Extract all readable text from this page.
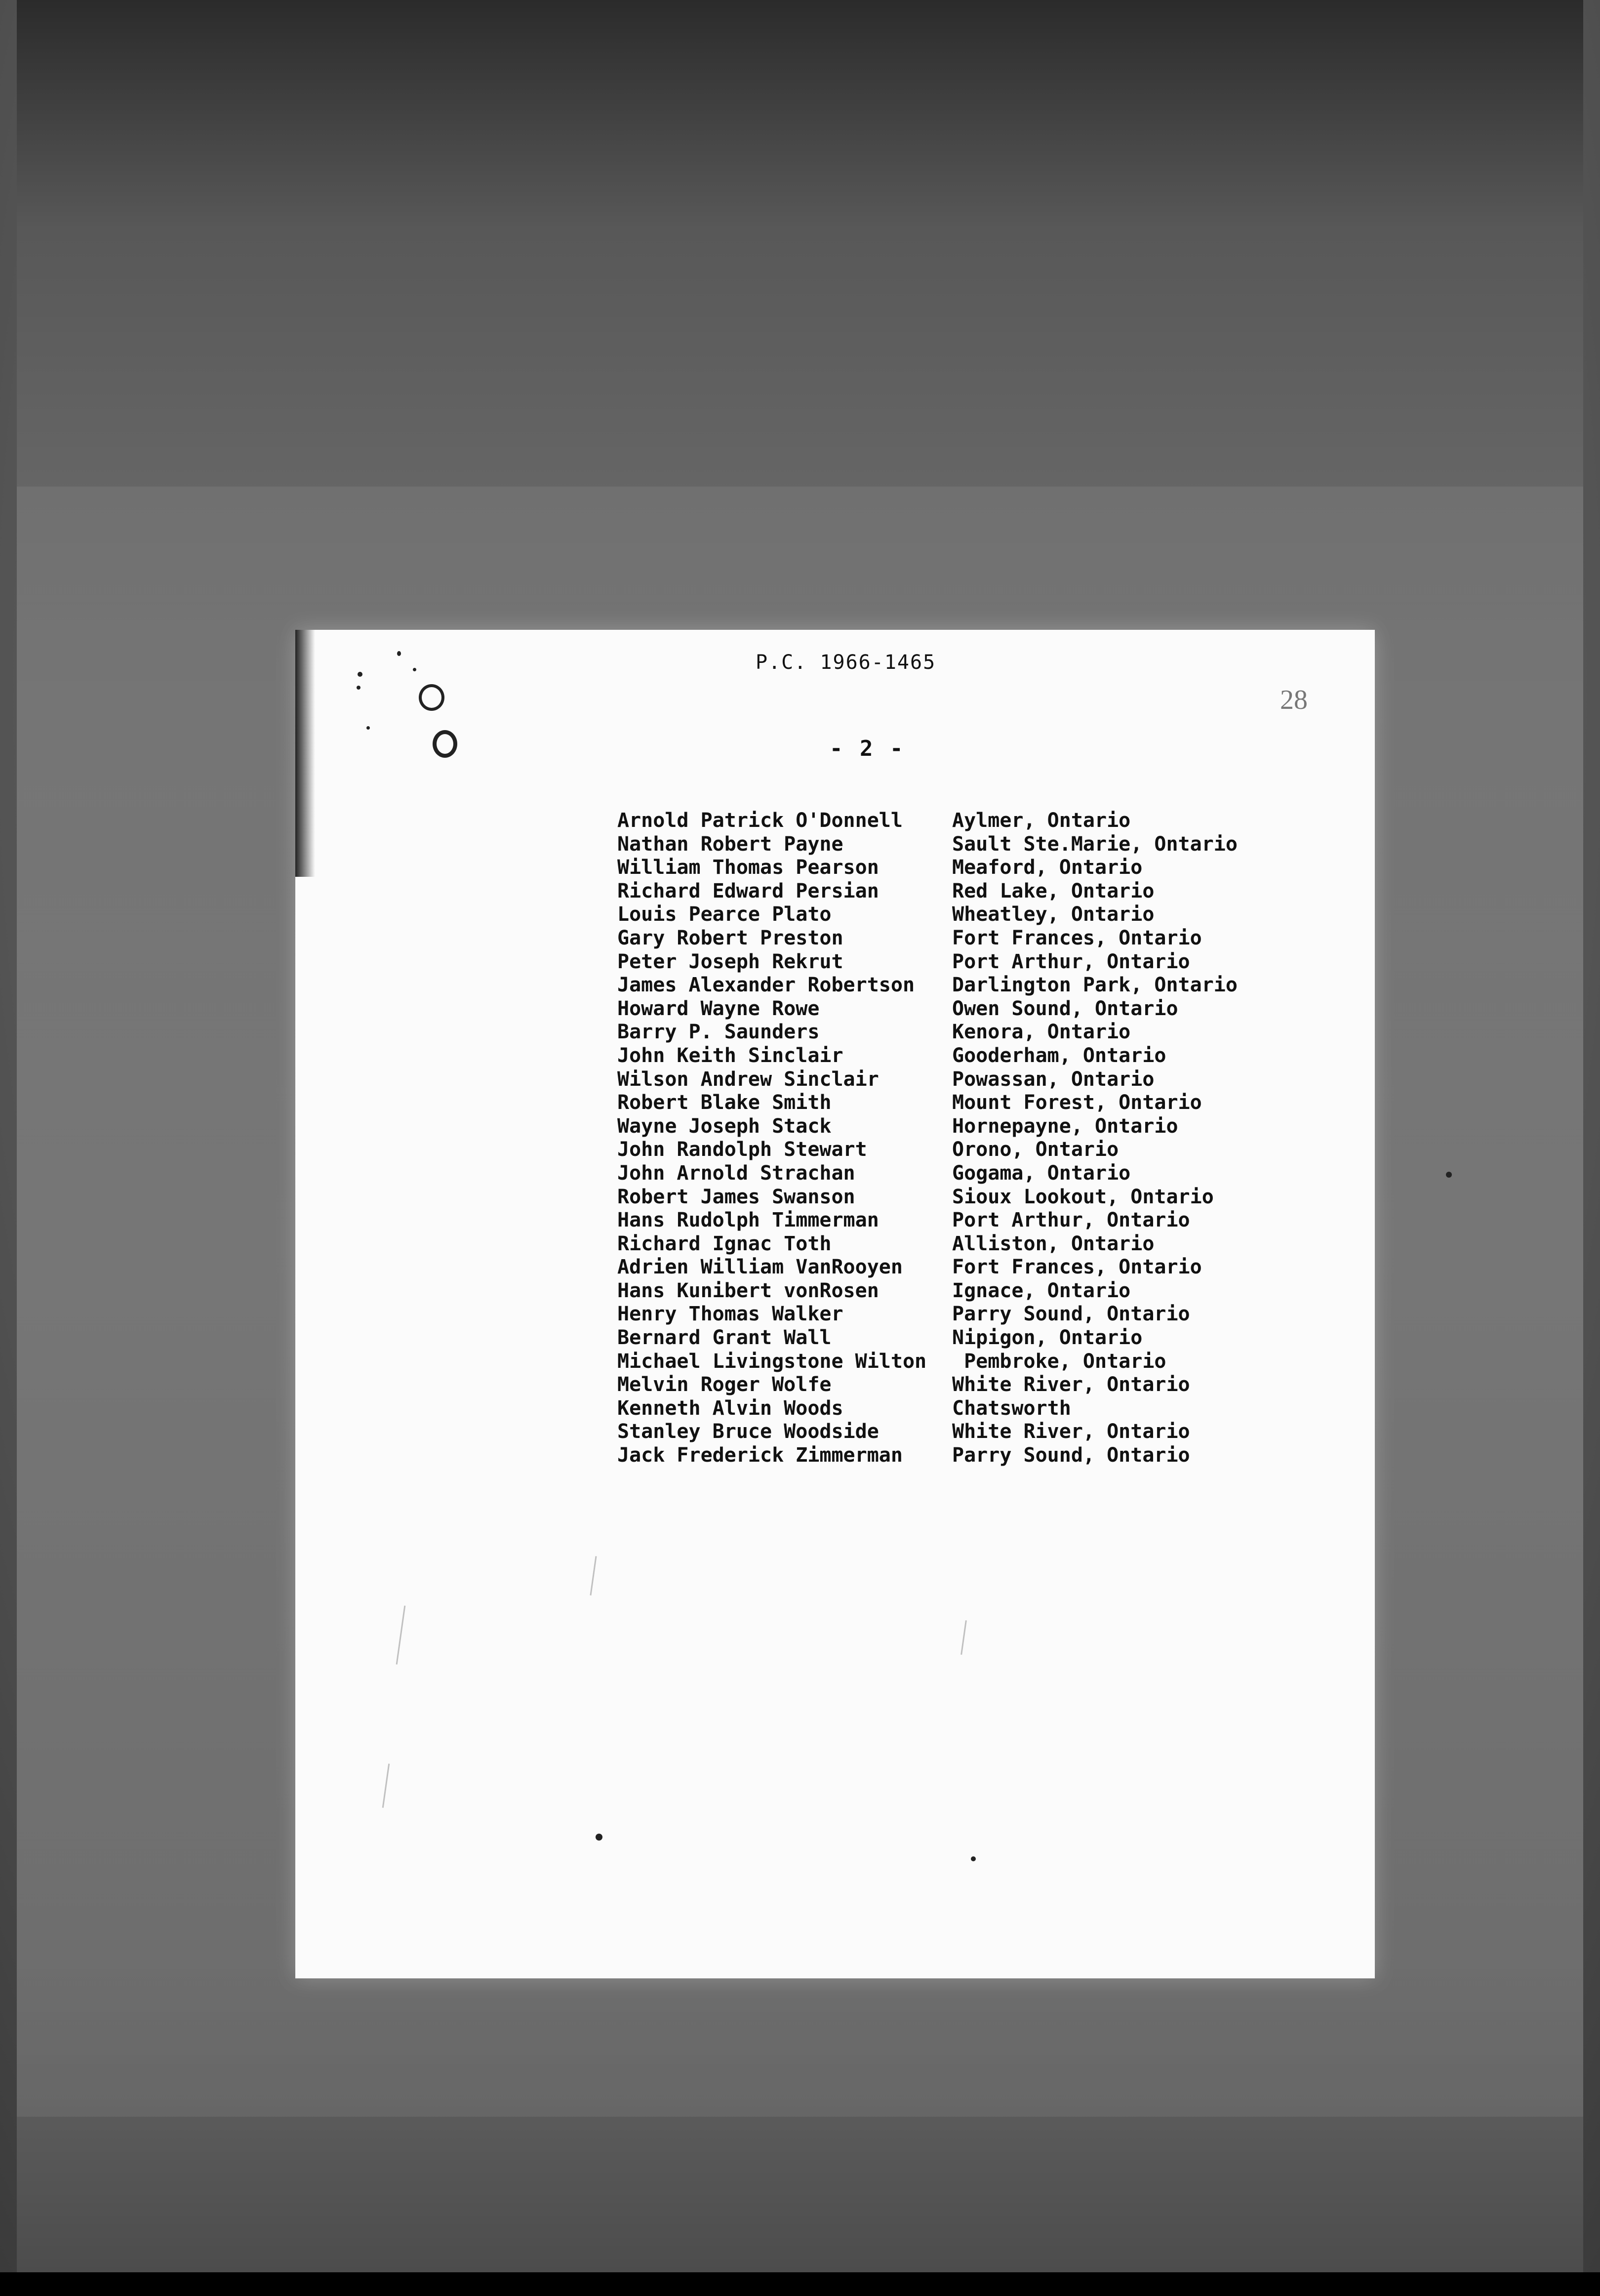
P.C. 1966-1465
28
- 2 -
Arnold Patrick O'Donnell	Aylmer, Ontario
Nathan Robert Payne	Sault Ste.Marie, Ontario
William Thomas Pearson	Meaford, Ontario
Richard Edward Persian	Red Lake, Ontario
Louis Pearce Plato	Wheatley, Ontario
Gary Robert Preston	Fort Frances, Ontario
Peter Joseph Rekrut	Port Arthur, Ontario
James Alexander Robertson	Darlington Park, Ontario
Howard Wayne Rowe	Owen Sound, Ontario
Barry P. Saunders	Kenora, Ontario
John Keith Sinclair	Gooderham, Ontario
Wilson Andrew Sinclair	Powassan, Ontario
Robert Blake Smith	Mount Forest, Ontario
Wayne Joseph Stack	Hornepayne, Ontario
John Randolph Stewart	Orono, Ontario
John Arnold Strachan	Gogama, Ontario
Robert James Swanson	Sioux Lookout, Ontario
Hans Rudolph Timmerman	Port Arthur, Ontario
Richard Ignac Toth	Alliston, Ontario
Adrien William VanRooyen	Fort Frances, Ontario
Hans Kunibert vonRosen	Ignace, Ontario
Henry Thomas Walker	Parry Sound, Ontario
Bernard Grant Wall	Nipigon, Ontario
Michael Livingstone Wilton	Pembroke, Ontario
Melvin Roger Wolfe	White River, Ontario
Kenneth Alvin Woods	Chatsworth
Stanley Bruce Woodside	White River, Ontario
Jack Frederick Zimmerman	Parry Sound, Ontario
